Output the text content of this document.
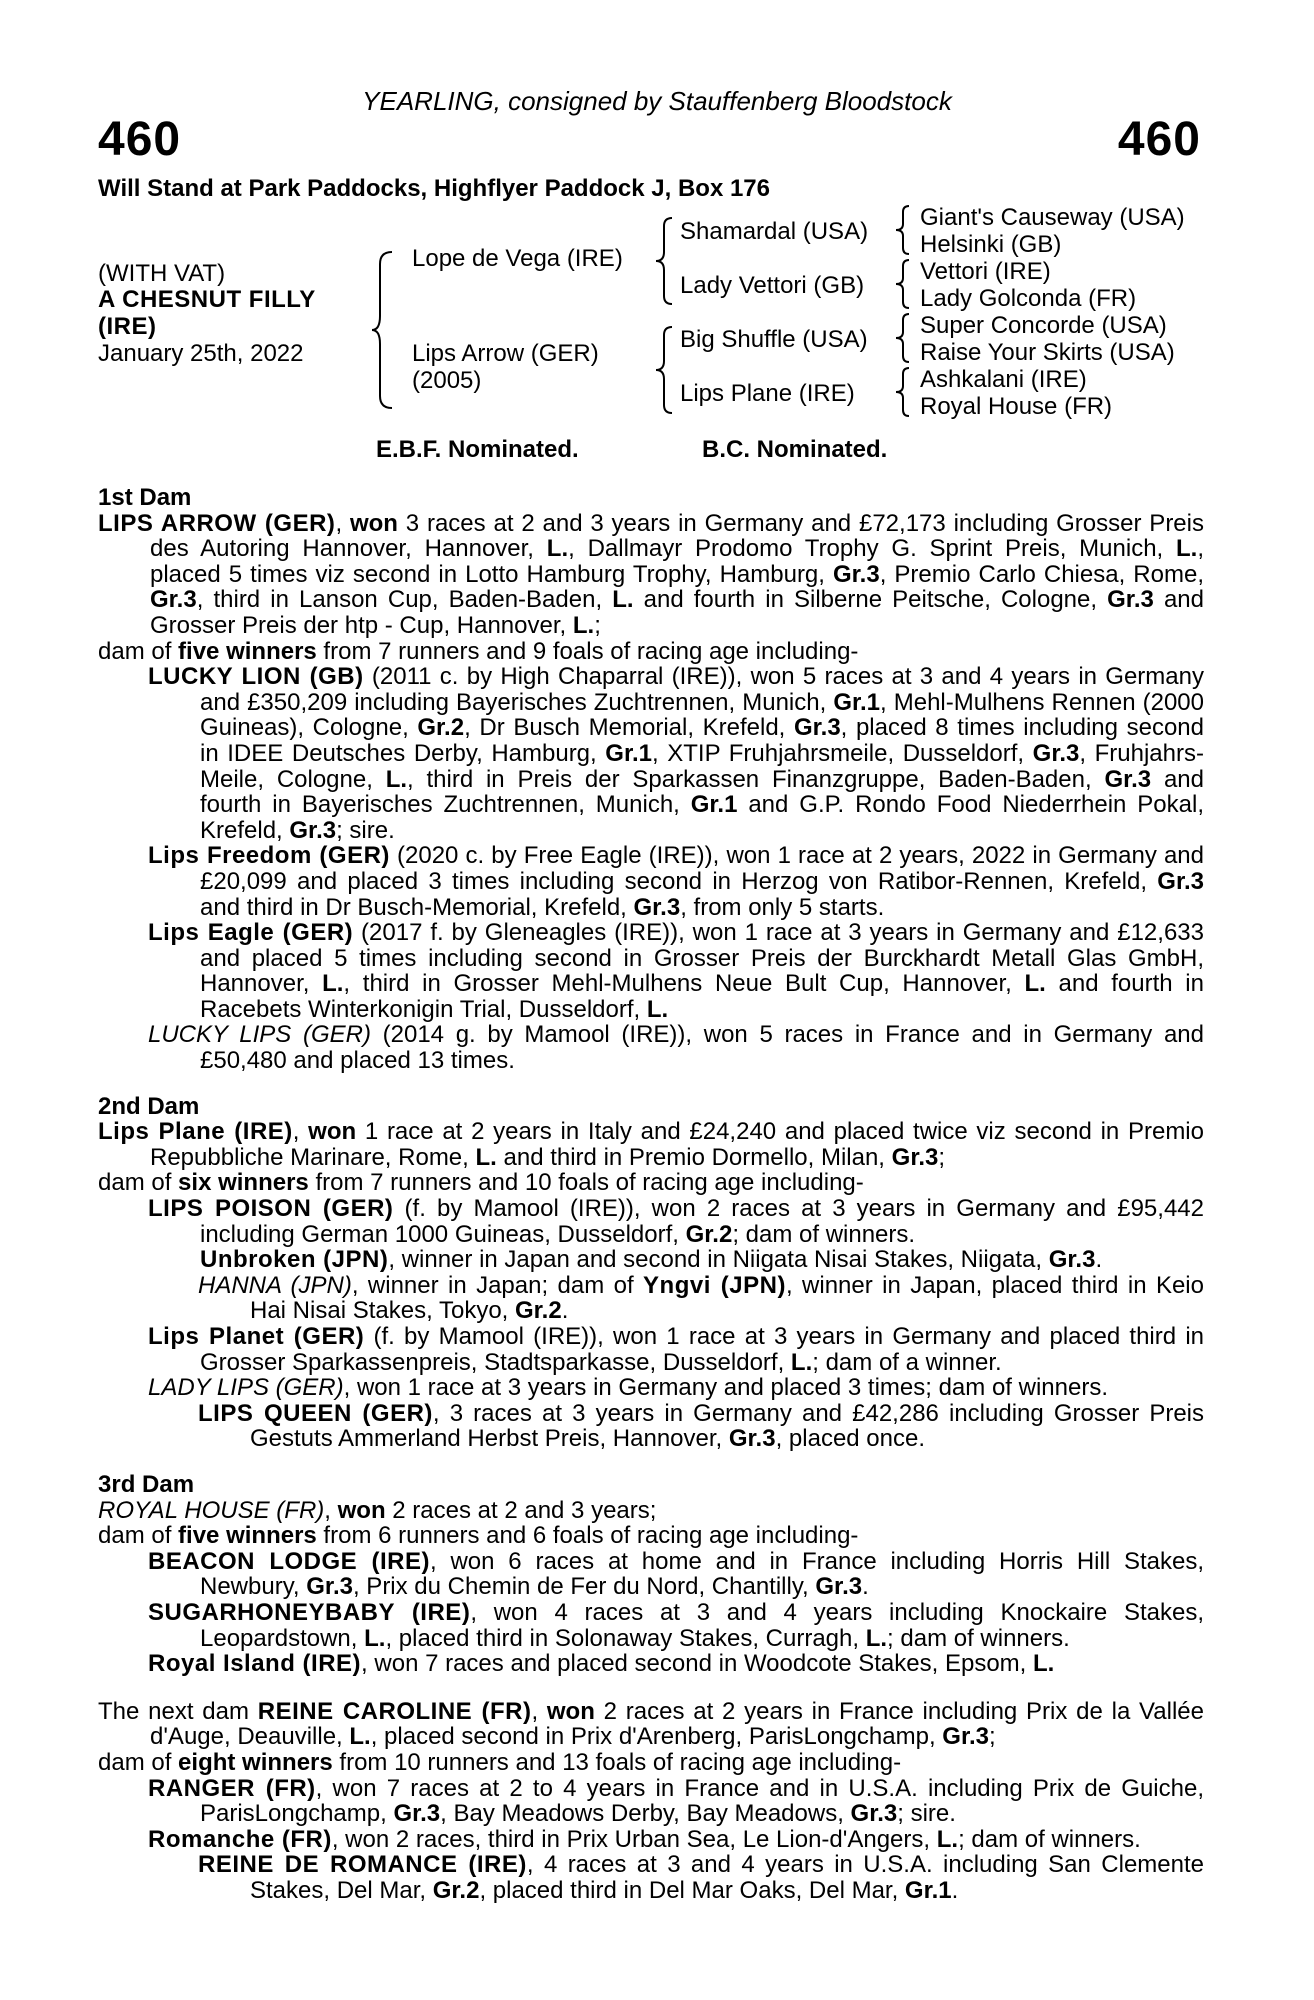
YEARLING, consigned by Stauffenberg Bloodstock
460	460
Will Stand at Park Paddocks, Highflyer Paddock J, Box 176
(WITH VAT)
A CHESNUT FILLY
(IRE)
January 25th, 2022
Lope de Vega (IRE)
Lips Arrow (GER)
(2005)
Shamardal (USA)
Lady Vettori (GB)
Big Shuffle (USA)
Lips Plane (IRE)
Giant's Causeway (USA)
Helsinki (GB)
Vettori (IRE)
Lady Golconda (FR)
Super Concorde (USA)
Raise Your Skirts (USA)
Ashkalani (IRE)
Royal House (FR)
E.B.F. Nominated.	B.C. Nominated.
1st Dam
LIPS ARROW (GER), won 3 races at 2 and 3 years in Germany and £72,173 including Grosser Preis des Autoring Hannover, Hannover, L., Dallmayr Prodomo Trophy G. Sprint Preis, Munich, L., placed 5 times viz second in Lotto Hamburg Trophy, Hamburg, Gr.3, Premio Carlo Chiesa, Rome, Gr.3, third in Lanson Cup, Baden-Baden, L. and fourth in Silberne Peitsche, Cologne, Gr.3 and Grosser Preis der htp - Cup, Hannover, L.;
dam of five winners from 7 runners and 9 foals of racing age including-
LUCKY LION (GB) (2011 c. by High Chaparral (IRE)), won 5 races at 3 and 4 years in Germany and £350,209 including Bayerisches Zuchtrennen, Munich, Gr.1, Mehl-Mulhens Rennen (2000 Guineas), Cologne, Gr.2, Dr Busch Memorial, Krefeld, Gr.3, placed 8 times including second in IDEE Deutsches Derby, Hamburg, Gr.1, XTIP Fruhjahrsmeile, Dusseldorf, Gr.3, Fruhjahrs-Meile, Cologne, L., third in Preis der Sparkassen Finanzgruppe, Baden-Baden, Gr.3 and fourth in Bayerisches Zuchtrennen, Munich, Gr.1 and G.P. Rondo Food Niederrhein Pokal, Krefeld, Gr.3; sire.
Lips Freedom (GER) (2020 c. by Free Eagle (IRE)), won 1 race at 2 years, 2022 in Germany and £20,099 and placed 3 times including second in Herzog von Ratibor-Rennen, Krefeld, Gr.3 and third in Dr Busch-Memorial, Krefeld, Gr.3, from only 5 starts.
Lips Eagle (GER) (2017 f. by Gleneagles (IRE)), won 1 race at 3 years in Germany and £12,633 and placed 5 times including second in Grosser Preis der Burckhardt Metall Glas GmbH, Hannover, L., third in Grosser Mehl-Mulhens Neue Bult Cup, Hannover, L. and fourth in Racebets Winterkonigin Trial, Dusseldorf, L.
LUCKY LIPS (GER) (2014 g. by Mamool (IRE)), won 5 races in France and in Germany and £50,480 and placed 13 times.
2nd Dam
Lips Plane (IRE), won 1 race at 2 years in Italy and £24,240 and placed twice viz second in Premio Repubbliche Marinare, Rome, L. and third in Premio Dormello, Milan, Gr.3;
dam of six winners from 7 runners and 10 foals of racing age including-
LIPS POISON (GER) (f. by Mamool (IRE)), won 2 races at 3 years in Germany and £95,442 including German 1000 Guineas, Dusseldorf, Gr.2; dam of winners.
Unbroken (JPN), winner in Japan and second in Niigata Nisai Stakes, Niigata, Gr.3.
HANNA (JPN), winner in Japan; dam of Yngvi (JPN), winner in Japan, placed third in Keio Hai Nisai Stakes, Tokyo, Gr.2.
Lips Planet (GER) (f. by Mamool (IRE)), won 1 race at 3 years in Germany and placed third in Grosser Sparkassenpreis, Stadtsparkasse, Dusseldorf, L.; dam of a winner.
LADY LIPS (GER), won 1 race at 3 years in Germany and placed 3 times; dam of winners.
LIPS QUEEN (GER), 3 races at 3 years in Germany and £42,286 including Grosser Preis Gestuts Ammerland Herbst Preis, Hannover, Gr.3, placed once.
3rd Dam
ROYAL HOUSE (FR), won 2 races at 2 and 3 years;
dam of five winners from 6 runners and 6 foals of racing age including-
BEACON LODGE (IRE), won 6 races at home and in France including Horris Hill Stakes, Newbury, Gr.3, Prix du Chemin de Fer du Nord, Chantilly, Gr.3.
SUGARHONEYBABY (IRE), won 4 races at 3 and 4 years including Knockaire Stakes, Leopardstown, L., placed third in Solonaway Stakes, Curragh, L.; dam of winners.
Royal Island (IRE), won 7 races and placed second in Woodcote Stakes, Epsom, L.
The next dam REINE CAROLINE (FR), won 2 races at 2 years in France including Prix de la Vallée d'Auge, Deauville, L., placed second in Prix d'Arenberg, ParisLongchamp, Gr.3;
dam of eight winners from 10 runners and 13 foals of racing age including-
RANGER (FR), won 7 races at 2 to 4 years in France and in U.S.A. including Prix de Guiche, ParisLongchamp, Gr.3, Bay Meadows Derby, Bay Meadows, Gr.3; sire.
Romanche (FR), won 2 races, third in Prix Urban Sea, Le Lion-d'Angers, L.; dam of winners.
REINE DE ROMANCE (IRE), 4 races at 3 and 4 years in U.S.A. including San Clemente Stakes, Del Mar, Gr.2, placed third in Del Mar Oaks, Del Mar, Gr.1.
